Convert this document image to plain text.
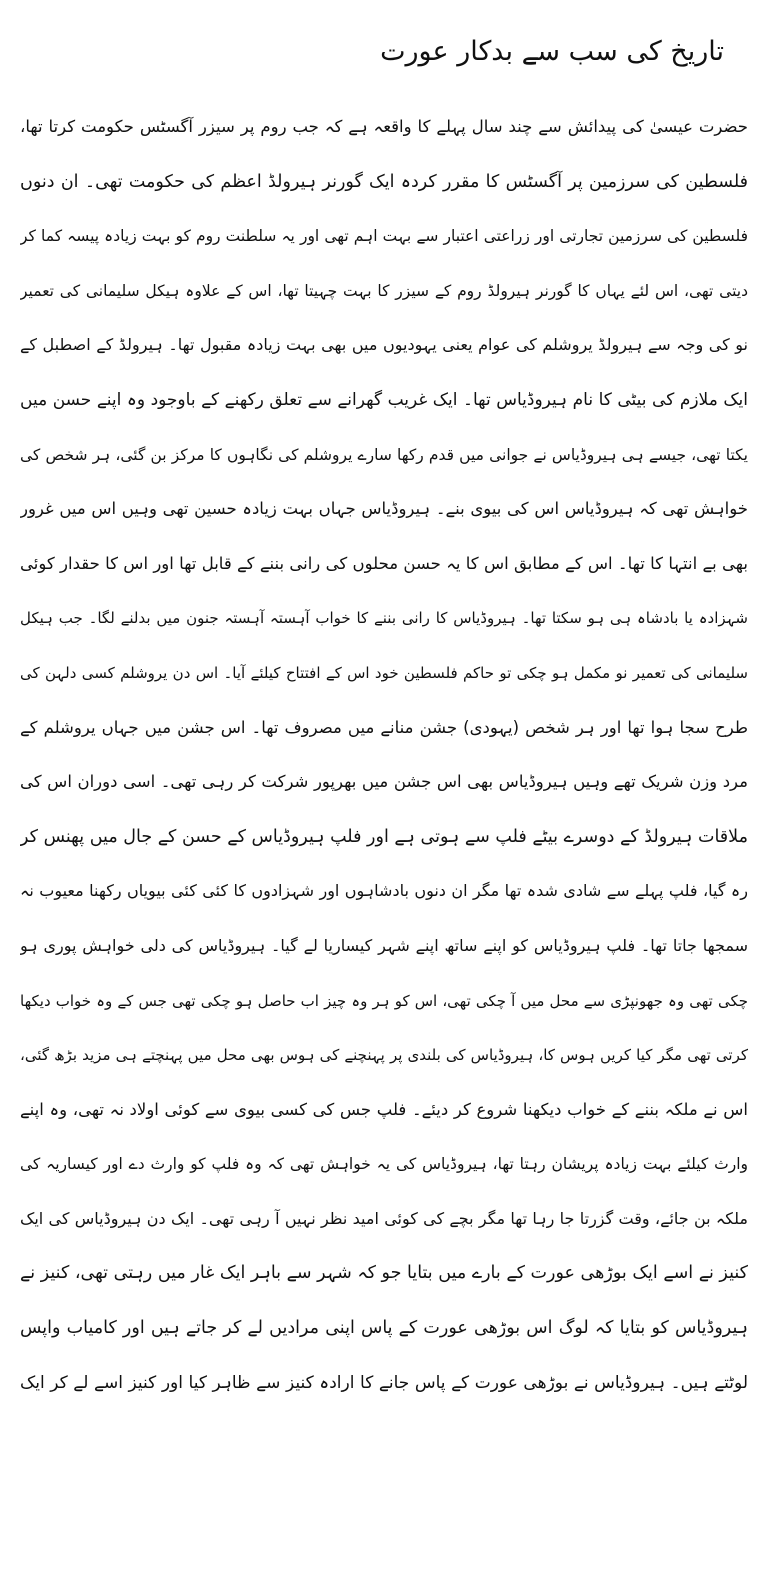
تاریخ کی سب سے بدکار عورت
حضرت عیسیٰ کی پیدائش سے چند سال پہلے کا واقعہ ہے کہ جب روم پر سیزر آگسٹس حکومت کرتا تھا،
فلسطین کی سرزمین پر آگسٹس کا مقرر کردہ ایک گورنر ہیرولڈ اعظم کی حکومت تھی۔ ان دنوں
فلسطین کی سرزمین تجارتی اور زراعتی اعتبار سے بہت اہم تھی اور یہ سلطنت روم کو بہت زیادہ پیسہ کما کر
دیتی تھی، اس لئے یہاں کا گورنر ہیرولڈ روم کے سیزر کا بہت چہیتا تھا، اس کے علاوہ ہیکل سلیمانی کی تعمیر
نو کی وجہ سے ہیرولڈ یروشلم کی عوام یعنی یہودیوں میں بھی بہت زیادہ مقبول تھا۔ ہیرولڈ کے اصطبل کے
ایک ملازم کی بیٹی کا نام ہیروڈیاس تھا۔ ایک غریب گھرانے سے تعلق رکھنے کے باوجود وہ اپنے حسن میں
یکتا تھی، جیسے ہی ہیروڈیاس نے جوانی میں قدم رکھا سارے یروشلم کی نگاہوں کا مرکز بن گئی، ہر شخص کی
خواہش تھی کہ ہیروڈیاس اس کی بیوی بنے۔ ہیروڈیاس جہاں بہت زیادہ حسین تھی وہیں اس میں غرور
بھی بے انتہا کا تھا۔ اس کے مطابق اس کا یہ حسن محلوں کی رانی بننے کے قابل تھا اور اس کا حقدار کوئی
شہزادہ یا بادشاہ ہی ہو سکتا تھا۔ ہیروڈیاس کا رانی بننے کا خواب آہستہ آہستہ جنون میں بدلنے لگا۔ جب ہیکل
سلیمانی کی تعمیر نو مکمل ہو چکی تو حاکم فلسطین خود اس کے افتتاح کیلئے آیا۔ اس دن یروشلم کسی دلہن کی
طرح سجا ہوا تھا اور ہر شخص (یہودی) جشن منانے میں مصروف تھا۔ اس جشن میں جہاں یروشلم کے
مرد وزن شریک تھے وہیں ہیروڈیاس بھی اس جشن میں بھرپور شرکت کر رہی تھی۔ اسی دوران اس کی
ملاقات ہیرولڈ کے دوسرے بیٹے فلپ سے ہوتی ہے اور فلپ ہیروڈیاس کے حسن کے جال میں پھنس کر
رہ گیا، فلپ پہلے سے شادی شدہ تھا مگر ان دنوں بادشاہوں اور شہزادوں کا کئی کئی بیویاں رکھنا معیوب نہ
سمجھا جاتا تھا۔ فلپ ہیروڈیاس کو اپنے ساتھ اپنے شہر کیساریا لے گیا۔ ہیروڈیاس کی دلی خواہش پوری ہو
چکی تھی وہ جھونپڑی سے محل میں آ چکی تھی، اس کو ہر وہ چیز اب حاصل ہو چکی تھی جس کے وہ خواب دیکھا
کرتی تھی مگر کیا کریں ہوس کا، ہیروڈیاس کی بلندی پر پہنچنے کی ہوس بھی محل میں پہنچتے ہی مزید بڑھ گئی،
اس نے ملکہ بننے کے خواب دیکھنا شروع کر دیئے۔ فلپ جس کی کسی بیوی سے کوئی اولاد نہ تھی، وہ اپنے
وارث کیلئے بہت زیادہ پریشان رہتا تھا، ہیروڈیاس کی یہ خواہش تھی کہ وہ فلپ کو وارث دے اور کیساریہ کی
ملکہ بن جائے، وقت گزرتا جا رہا تھا مگر بچے کی کوئی امید نظر نہیں آ رہی تھی۔ ایک دن ہیروڈیاس کی ایک
کنیز نے اسے ایک بوڑھی عورت کے بارے میں بتایا جو کہ شہر سے باہر ایک غار میں رہتی تھی، کنیز نے
ہیروڈیاس کو بتایا کہ لوگ اس بوڑھی عورت کے پاس اپنی مرادیں لے کر جاتے ہیں اور کامیاب واپس
لوٹتے ہیں۔ ہیروڈیاس نے بوڑھی عورت کے پاس جانے کا ارادہ کنیز سے ظاہر کیا اور کنیز اسے لے کر ایک
